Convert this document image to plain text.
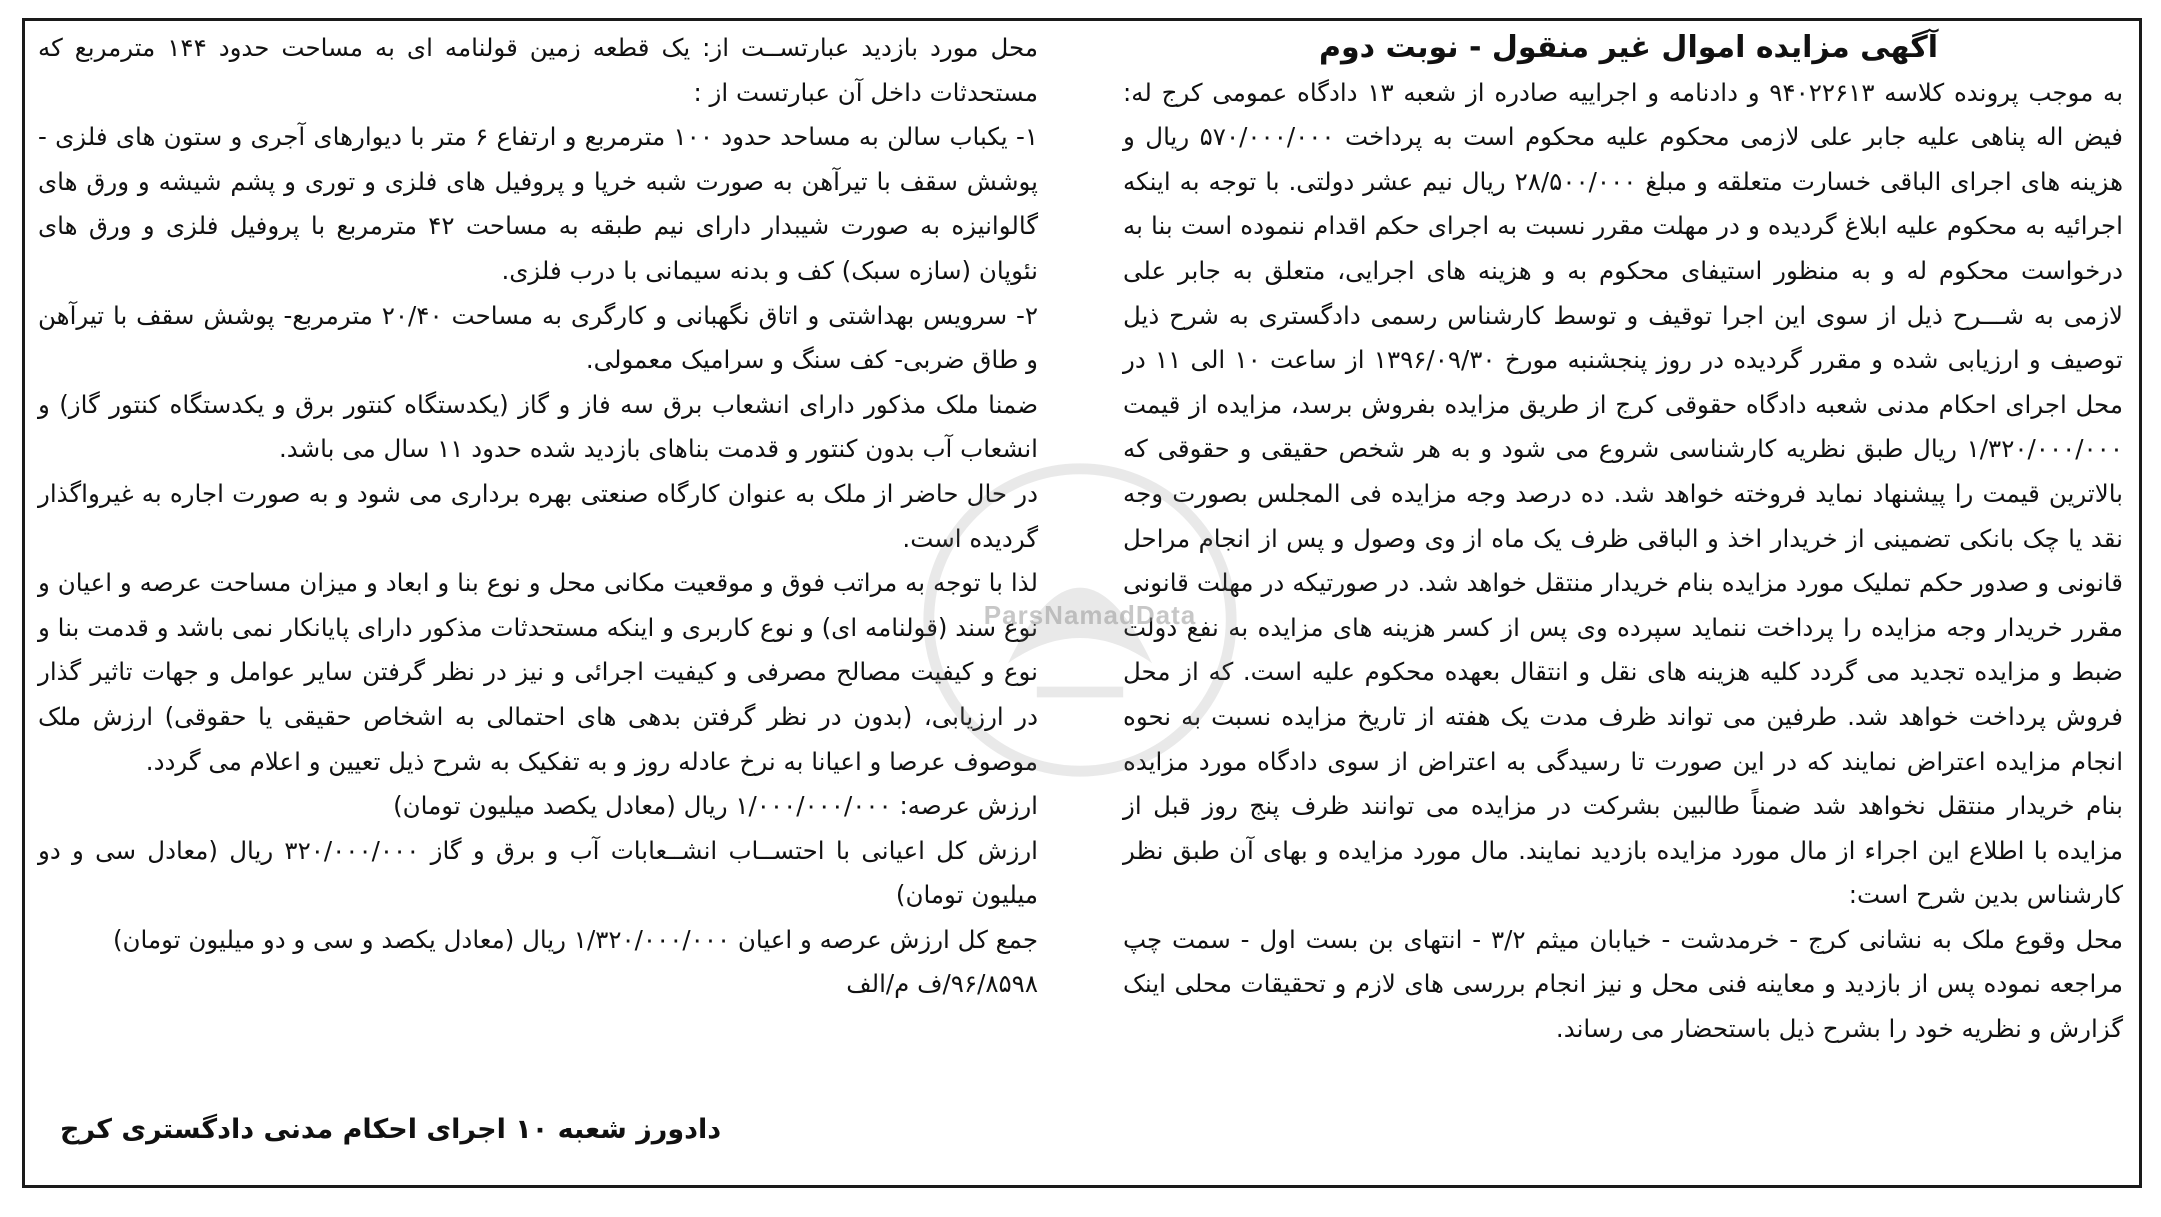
آگهی مزایده اموال غیر منقول - نوبت دوم

به موجب پرونده کلاسه ۹۴۰۲۲۶۱۳ و دادنامه و اجراییه صادره از شعبه ۱۳ دادگاه عمومی کرج له: فیض اله پناهی علیه جابر علی لازمی محکوم علیه محکوم است به پرداخت ۵۷۰/۰۰۰/۰۰۰ ریال و هزینه های اجرای الباقی خسارت متعلقه و مبلغ ۲۸/۵۰۰/۰۰۰ ریال نیم عشر دولتی. با توجه به اینکه اجرائیه به محکوم علیه ابلاغ گردیده و در مهلت مقرر نسبت به اجرای حکم اقدام ننموده است بنا به درخواست محکوم له و به منظور استیفای محکوم به و هزینه های اجرایی، متعلق به جابر علی لازمی به شـــرح ذیل از سوی این اجرا توقیف و توسط کارشناس رسمی دادگستری به شرح ذیل توصیف و ارزیابی شده و مقرر گردیده در روز پنجشنبه مورخ ۱۳۹۶/۰۹/۳۰ از ساعت ۱۰ الی ۱۱ در محل اجرای احکام مدنی شعبه دادگاه حقوقی کرج از طریق مزایده بفروش برسد، مزایده از قیمت ۱/۳۲۰/۰۰۰/۰۰۰ ریال طبق نظریه کارشناسی شروع می شود و به هر شخص حقیقی و حقوقی که بالاترین قیمت را پیشنهاد نماید فروخته خواهد شد. ده درصد وجه مزایده فی المجلس بصورت وجه نقد یا چک بانکی تضمینی از خریدار اخذ و الباقی ظرف یک ماه از وی وصول و پس از انجام مراحل قانونی و صدور حکم تملیک مورد مزایده بنام خریدار منتقل خواهد شد. در صورتیکه در مهلت قانونی مقرر خریدار وجه مزایده را پرداخت ننماید سپرده وی پس از کسر هزینه های مزایده به نفع دولت ضبط و مزایده تجدید می گردد کلیه هزینه های نقل و انتقال بعهده محکوم علیه است. که از محل فروش پرداخت خواهد شد. طرفین می تواند ظرف مدت یک هفته از تاریخ مزایده نسبت به نحوه انجام مزایده اعتراض نمایند که در این صورت تا رسیدگی به اعتراض از سوی دادگاه مورد مزایده بنام خریدار منتقل نخواهد شد ضمناً طالبین بشرکت در مزایده می توانند ظرف پنج روز قبل از مزایده با اطلاع این اجراء از مال مورد مزایده بازدید نمایند. مال مورد مزایده و بهای آن طبق نظر کارشناس بدین شرح است:

محل وقوع ملک به نشانی کرج - خرمدشت - خیابان میثم ۳/۲ - انتهای بن بست اول - سمت چپ مراجعه نموده پس از بازدید و معاینه فنی محل و نیز انجام بررسی های لازم و تحقیقات محلی اینک گزارش و نظریه خود را بشرح ذیل باستحضار می رساند.

محل مورد بازدید عبارتســت از: یک قطعه زمین قولنامه ای به مساحت حدود ۱۴۴ مترمربع که مستحدثات داخل آن عبارتست از :

۱- یکباب سالن به مساحد حدود ۱۰۰ مترمربع و ارتفاع ۶ متر با دیوارهای آجری و ستون های فلزی - پوشش سقف با تیرآهن به صورت شبه خرپا و پروفیل های فلزی و توری و پشم شیشه و ورق های گالوانیزه به صورت شیبدار دارای نیم طبقه به مساحت ۴۲ مترمربع با پروفیل فلزی و ورق های نئوپان (سازه سبک) کف و بدنه سیمانی با درب فلزی.

۲- سرویس بهداشتی و اتاق نگهبانی و کارگری به مساحت ۲۰/۴۰ مترمربع- پوشش سقف با تیرآهن و طاق ضربی- کف سنگ و سرامیک معمولی.

ضمنا ملک مذکور دارای انشعاب برق سه فاز و گاز (یکدستگاه کنتور برق و یکدستگاه کنتور گاز) و انشعاب آب بدون کنتور و قدمت بناهای بازدید شده حدود ۱۱ سال می باشد.

در حال حاضر از ملک به عنوان کارگاه صنعتی بهره برداری می شود و به صورت اجاره به غیرواگذار گردیده است.

لذا با توجه به مراتب فوق و موقعیت مکانی محل و نوع بنا و ابعاد و میزان مساحت عرصه و اعیان و نوع سند (قولنامه ای) و نوع کاربری و اینکه مستحدثات مذکور دارای پایانکار نمی باشد و قدمت بنا و نوع و کیفیت مصالح مصرفی و کیفیت اجرائی و نیز در نظر گرفتن سایر عوامل و جهات تاثیر گذار در ارزیابی، (بدون در نظر گرفتن بدهی های احتمالی به اشخاص حقیقی یا حقوقی) ارزش ملک موصوف عرصا و اعیانا به نرخ عادله روز و به تفکیک به شرح ذیل تعیین و اعلام می گردد.

ارزش عرصه: ۱/۰۰۰/۰۰۰/۰۰۰ ریال (معادل یکصد میلیون تومان)

ارزش کل اعیانی با احتســاب انشــعابات آب و برق و گاز ۳۲۰/۰۰۰/۰۰۰ ریال (معادل سی و دو میلیون تومان)

جمع کل ارزش عرصه و اعیان ۱/۳۲۰/۰۰۰/۰۰۰ ریال (معادل یکصد و سی و دو میلیون تومان)

۹۶/۸۵۹۸/ف م/الف

دادورز شعبه ۱۰ اجرای احکام مدنی دادگستری کرج
ParsNamadData
